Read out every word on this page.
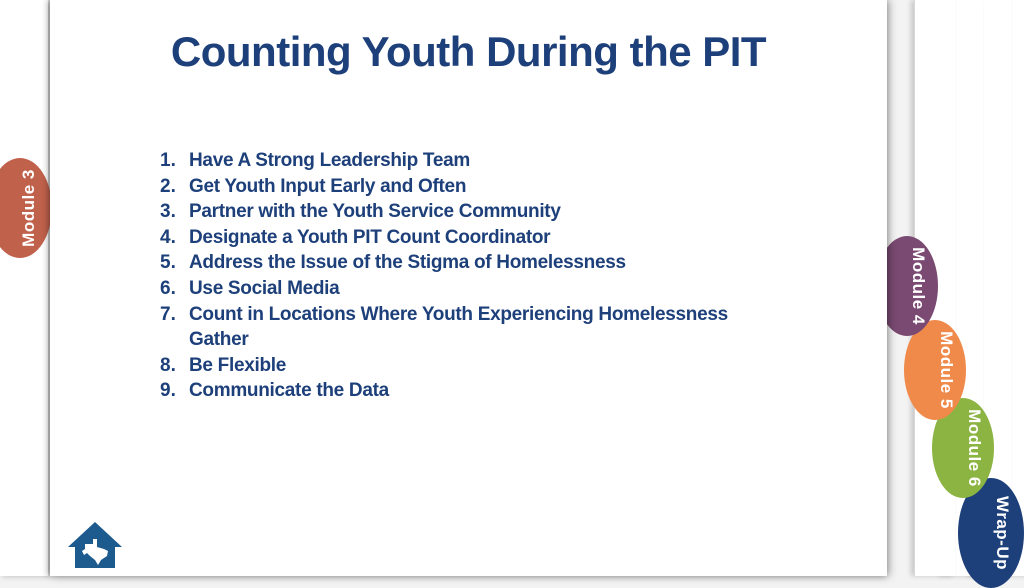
Wrap-Up
Module 6
Module 5
Module 4
Module 3
Counting Youth During the PIT
1. Have A Strong Leadership Team
2. Get Youth Input Early and Often
3. Partner with the Youth Service Community
4. Designate a Youth PIT Count Coordinator
5. Address the Issue of the Stigma of Homelessness
6. Use Social Media
7. Count in Locations Where Youth Experiencing Homelessness Gather
8. Be Flexible
9. Communicate the Data
